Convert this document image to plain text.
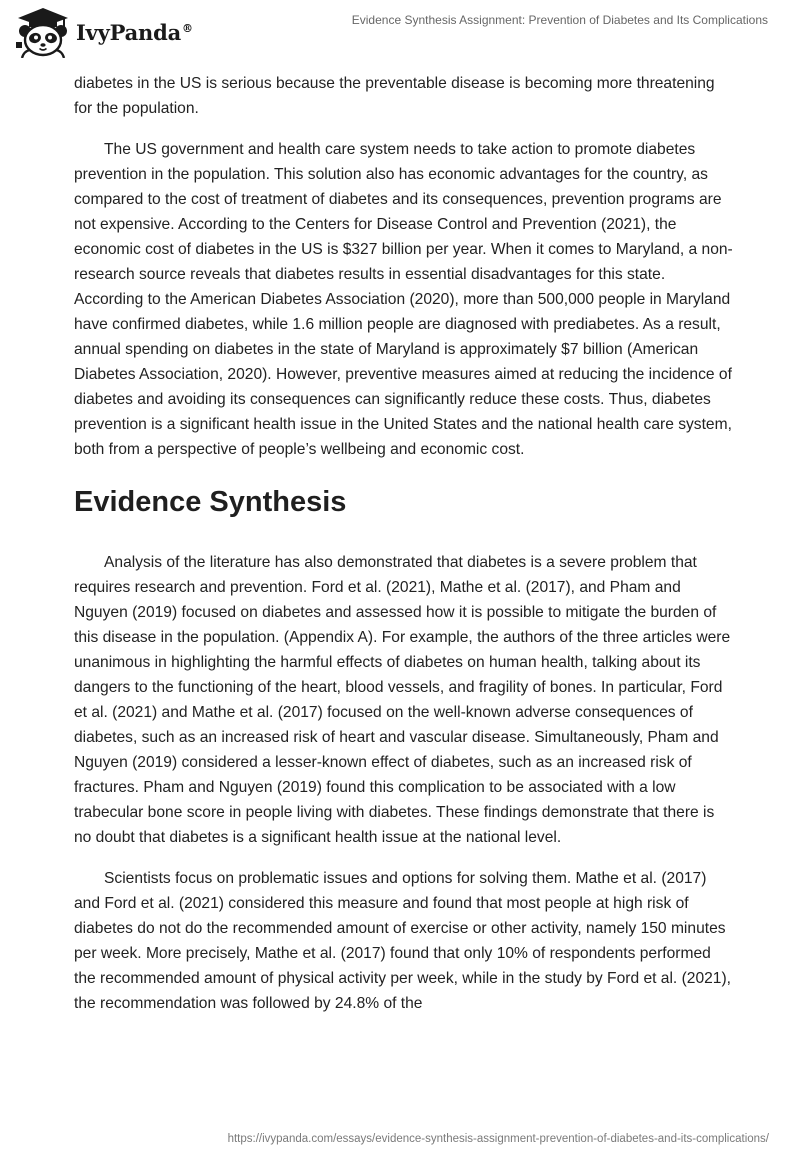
IvyPanda®
Evidence Synthesis Assignment: Prevention of Diabetes and Its Complications

diabetes in the US is serious because the preventable disease is becoming more threatening for the population.

The US government and health care system needs to take action to promote diabetes prevention in the population. This solution also has economic advantages for the country, as compared to the cost of treatment of diabetes and its consequences, prevention programs are not expensive. According to the Centers for Disease Control and Prevention (2021), the economic cost of diabetes in the US is $327 billion per year. When it comes to Maryland, a non-research source reveals that diabetes results in essential disadvantages for this state. According to the American Diabetes Association (2020), more than 500,000 people in Maryland have confirmed diabetes, while 1.6 million people are diagnosed with prediabetes. As a result, annual spending on diabetes in the state of Maryland is approximately $7 billion (American Diabetes Association, 2020). However, preventive measures aimed at reducing the incidence of diabetes and avoiding its consequences can significantly reduce these costs. Thus, diabetes prevention is a significant health issue in the United States and the national health care system, both from a perspective of people’s wellbeing and economic cost.

Evidence Synthesis

Analysis of the literature has also demonstrated that diabetes is a severe problem that requires research and prevention. Ford et al. (2021), Mathe et al. (2017), and Pham and Nguyen (2019) focused on diabetes and assessed how it is possible to mitigate the burden of this disease in the population. (Appendix A). For example, the authors of the three articles were unanimous in highlighting the harmful effects of diabetes on human health, talking about its dangers to the functioning of the heart, blood vessels, and fragility of bones. In particular, Ford et al. (2021) and Mathe et al. (2017) focused on the well-known adverse consequences of diabetes, such as an increased risk of heart and vascular disease. Simultaneously, Pham and Nguyen (2019) considered a lesser-known effect of diabetes, such as an increased risk of fractures. Pham and Nguyen (2019) found this complication to be associated with a low trabecular bone score in people living with diabetes. These findings demonstrate that there is no doubt that diabetes is a significant health issue at the national level.

Scientists focus on problematic issues and options for solving them. Mathe et al. (2017) and Ford et al. (2021) considered this measure and found that most people at high risk of diabetes do not do the recommended amount of exercise or other activity, namely 150 minutes per week. More precisely, Mathe et al. (2017) found that only 10% of respondents performed the recommended amount of physical activity per week, while in the study by Ford et al. (2021), the recommendation was followed by 24.8% of the

https://ivypanda.com/essays/evidence-synthesis-assignment-prevention-of-diabetes-and-its-complications/
